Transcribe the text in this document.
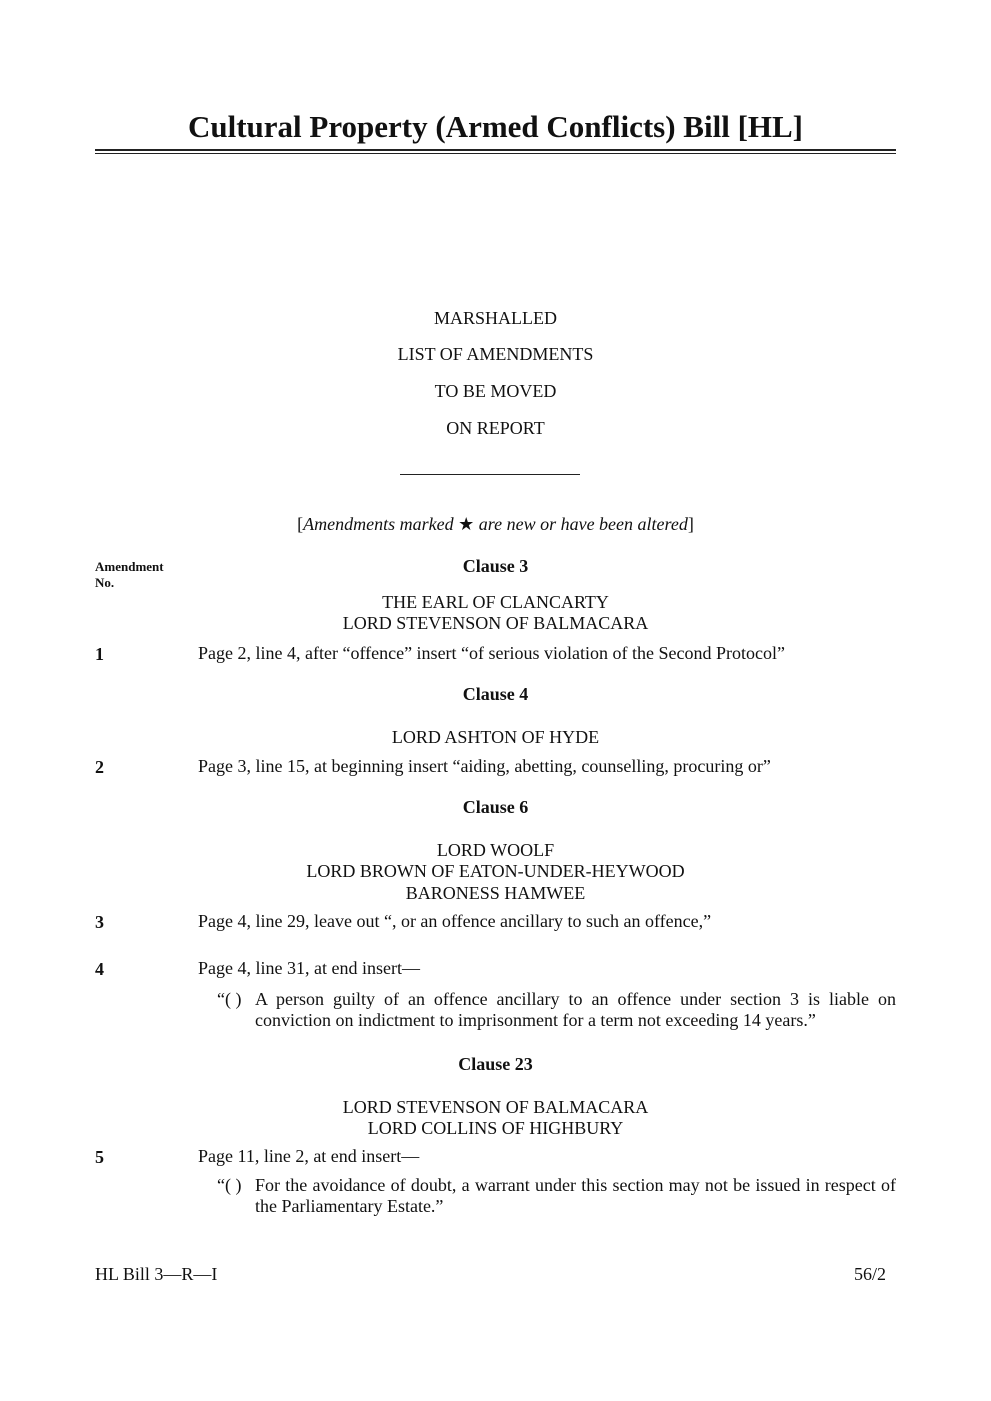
Cultural Property (Armed Conflicts) Bill [HL]
MARSHALLED
LIST OF AMENDMENTS
TO BE MOVED
ON REPORT
[Amendments marked ★ are new or have been altered]
Amendment
No.
Clause 3
THE EARL OF CLANCARTY
LORD STEVENSON OF BALMACARA
1	Page 2, line 4, after “offence” insert “of serious violation of the Second Protocol”
Clause 4
LORD ASHTON OF HYDE
2	Page 3, line 15, at beginning insert “aiding, abetting, counselling, procuring or”
Clause 6
LORD WOOLF
LORD BROWN OF EATON-UNDER-HEYWOOD
BARONESS HAMWEE
3	Page 4, line 29, leave out “, or an offence ancillary to such an offence,”
4	Page 4, line 31, at end insert—
“( ) A person guilty of an offence ancillary to an offence under section 3 is liable on conviction on indictment to imprisonment for a term not exceeding 14 years.”
Clause 23
LORD STEVENSON OF BALMACARA
LORD COLLINS OF HIGHBURY
5	Page 11, line 2, at end insert—
“( ) For the avoidance of doubt, a warrant under this section may not be issued in respect of the Parliamentary Estate.”
HL Bill 3—R—I	56/2
